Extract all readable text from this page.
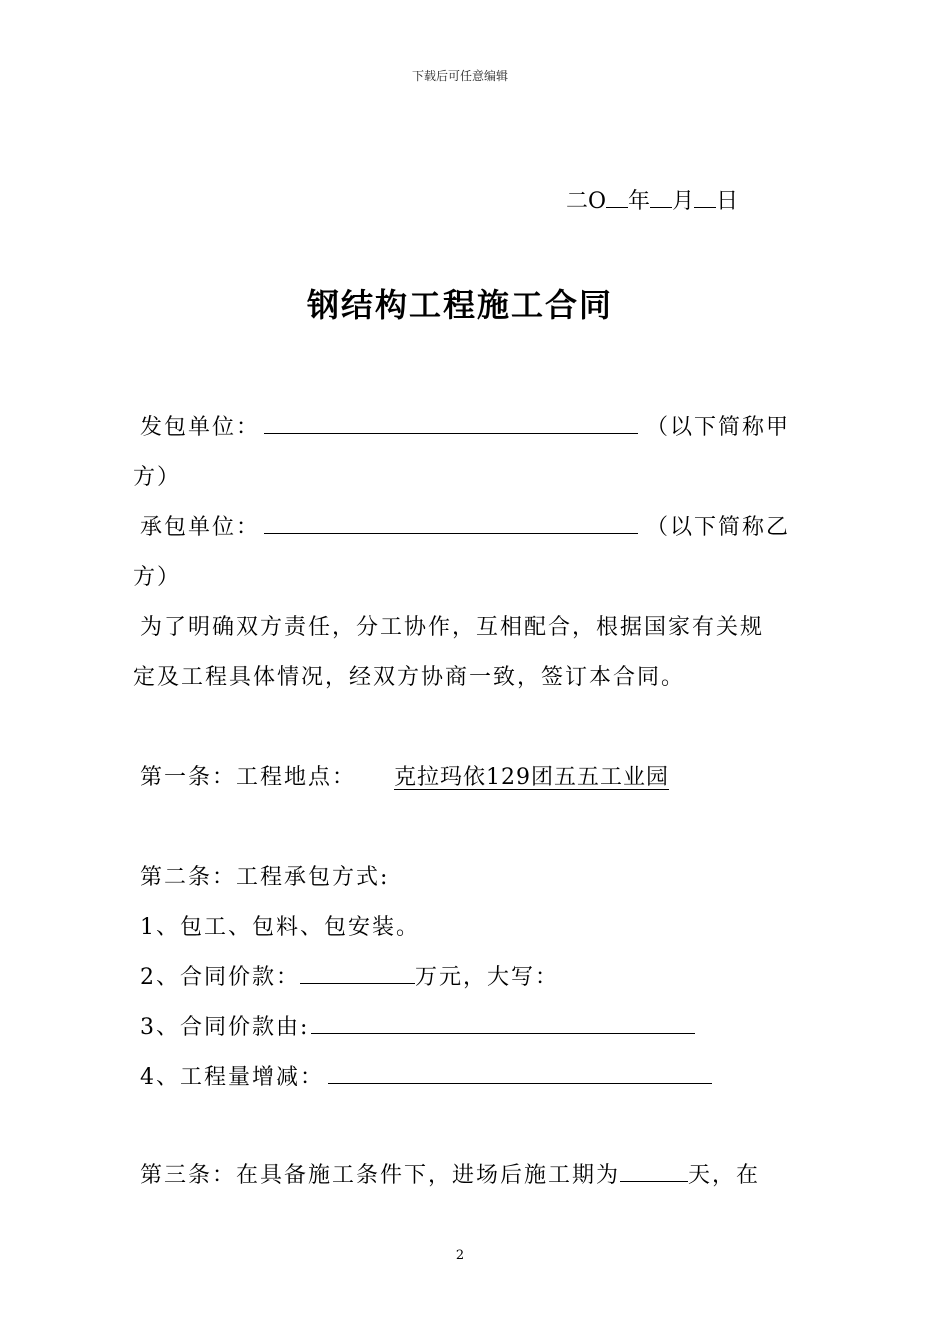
下载后可任意编辑
二O 年 月 日
钢结构工程施工合同
发包单位：	（以下简称甲
方）
承包单位：	（以下简称乙
方）
为了明确双方责任，分工协作，互相配合，根据国家有关规
定及工程具体情况，经双方协商一致，签订本合同。
第一条：工程地点： 克拉玛依129团五五工业园
第二条：工程承包方式:
1、包工、包料、包安装。
2、合同价款：	万元，大写：
3、合同价款由:
4、工程量增减：
第三条：在具备施工条件下，进场后施工期为	天，在
2
